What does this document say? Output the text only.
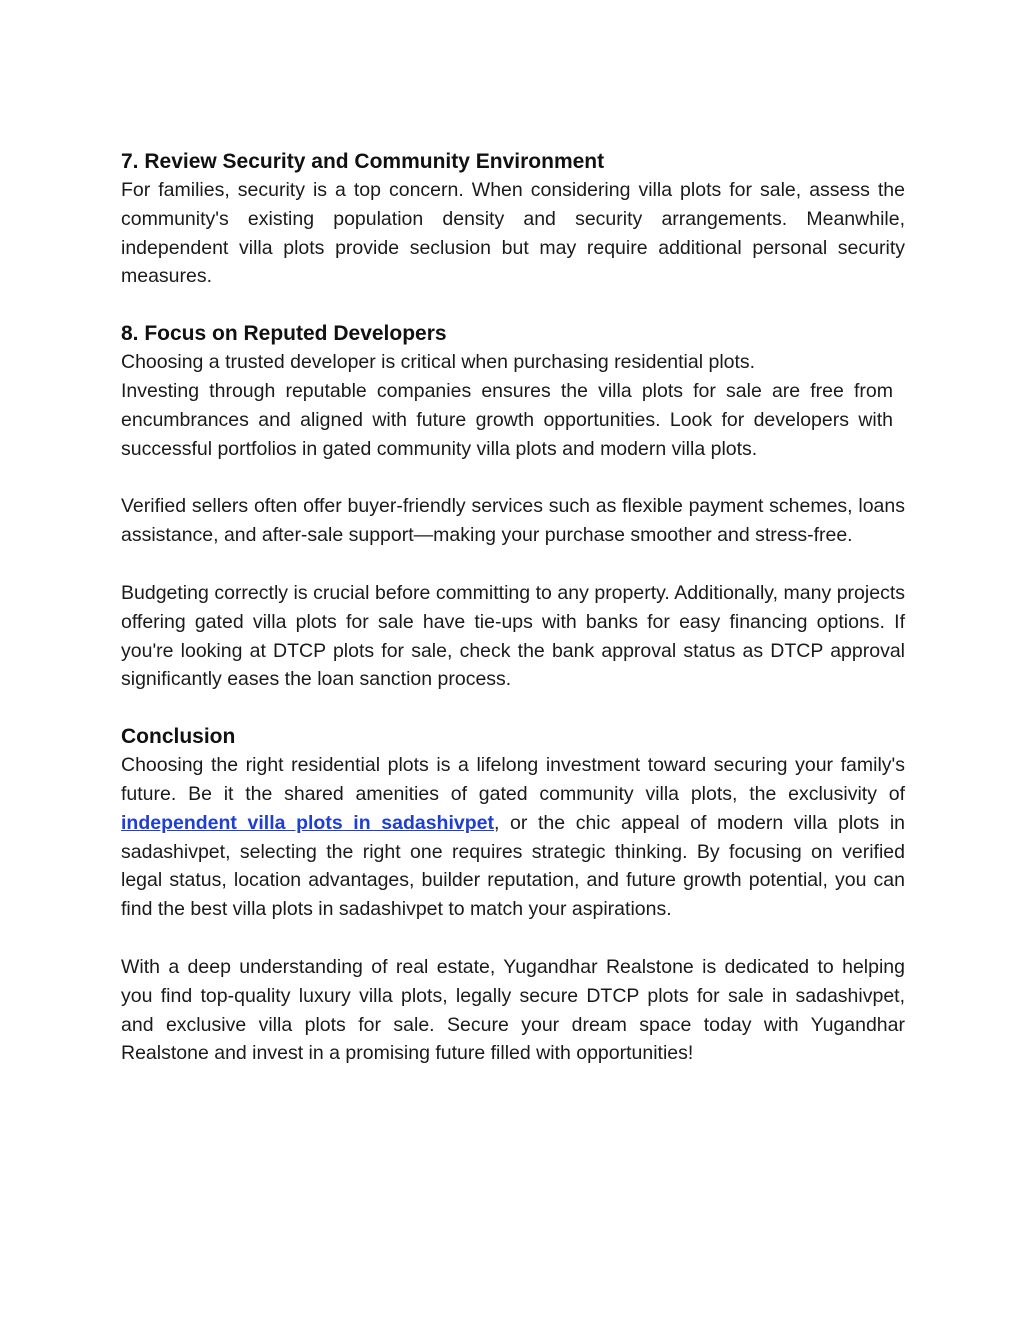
7. Review Security and Community Environment

For families, security is a top concern. When considering villa plots for sale, assess the community's existing population density and security arrangements. Meanwhile, independent villa plots provide seclusion but may require additional personal security measures.

8. Focus on Reputed Developers

Choosing a trusted developer is critical when purchasing residential plots.

Investing through reputable companies ensures the villa plots for sale are free from encumbrances and aligned with future growth opportunities. Look for developers with successful portfolios in gated community villa plots and modern villa plots.

Verified sellers often offer buyer-friendly services such as flexible payment schemes, loans assistance, and after-sale support—making your purchase smoother and stress-free.

Budgeting correctly is crucial before committing to any property. Additionally, many projects offering gated villa plots for sale have tie-ups with banks for easy financing options. If you're looking at DTCP plots for sale, check the bank approval status as DTCP approval significantly eases the loan sanction process.

Conclusion

Choosing the right residential plots is a lifelong investment toward securing your family's future. Be it the shared amenities of gated community villa plots, the exclusivity of independent villa plots in sadashivpet, or the chic appeal of modern villa plots in sadashivpet, selecting the right one requires strategic thinking. By focusing on verified legal status, location advantages, builder reputation, and future growth potential, you can find the best villa plots in sadashivpet to match your aspirations.

With a deep understanding of real estate, Yugandhar Realstone is dedicated to helping you find top-quality luxury villa plots, legally secure DTCP plots for sale in sadashivpet, and exclusive villa plots for sale. Secure your dream space today with Yugandhar Realstone and invest in a promising future filled with opportunities!
